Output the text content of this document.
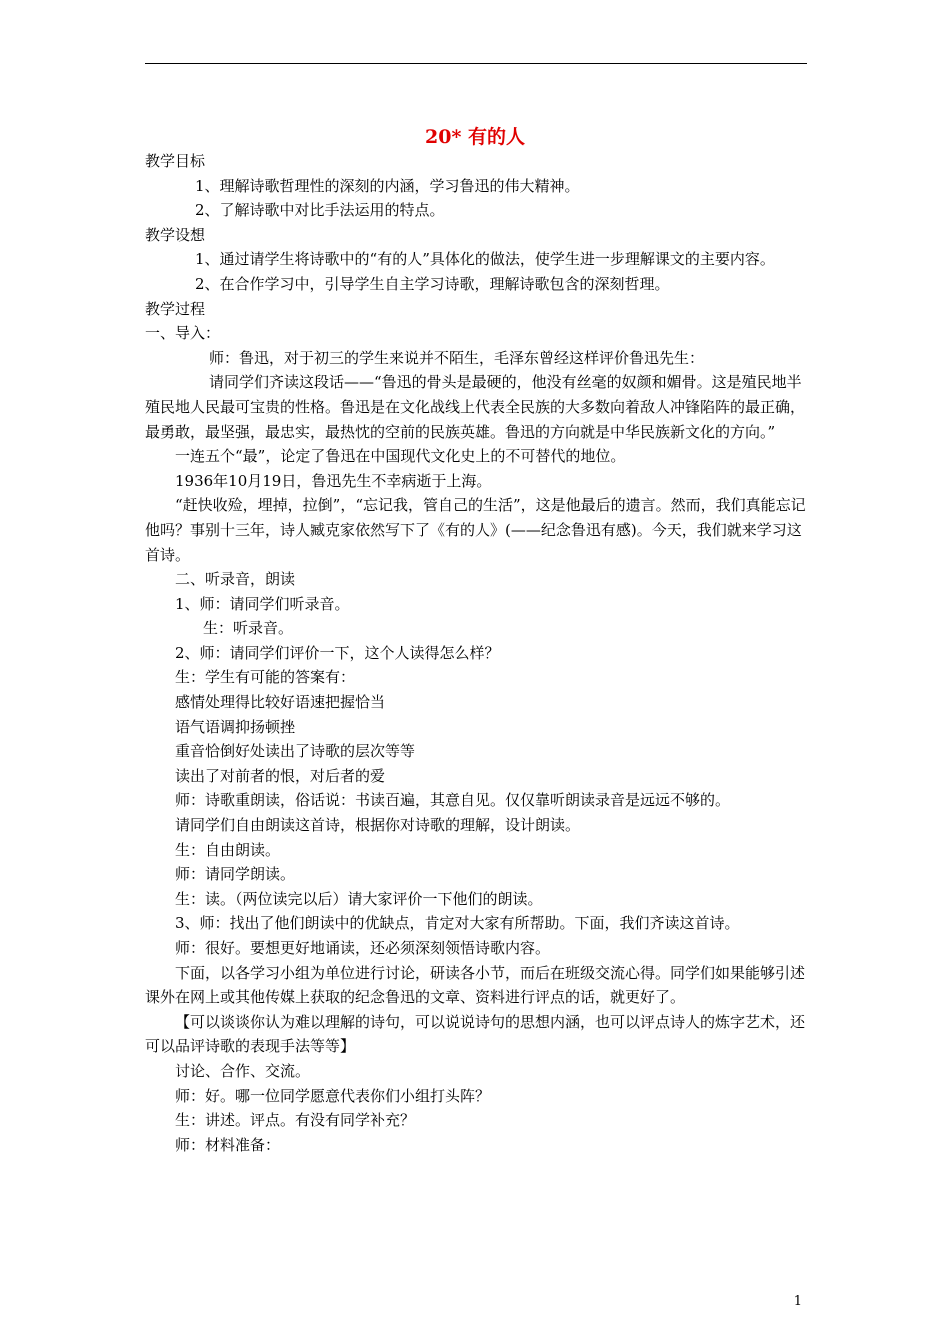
20* 有的人

教学目标

1、理解诗歌哲理性的深刻的内涵，学习鲁迅的伟大精神。

2、了解诗歌中对比手法运用的特点。

教学设想

1、通过请学生将诗歌中的“有的人”具体化的做法，使学生进一步理解课文的主要内容。

2、在合作学习中，引导学生自主学习诗歌，理解诗歌包含的深刻哲理。

教学过程

一、导入：

师：鲁迅，对于初三的学生来说并不陌生，毛泽东曾经这样评价鲁迅先生：

请同学们齐读这段话——“鲁迅的骨头是最硬的，他没有丝毫的奴颜和媚骨。这是殖民地半殖民地人民最可宝贵的性格。鲁迅是在文化战线上代表全民族的大多数向着敌人冲锋陷阵的最正确，最勇敢，最坚强，最忠实，最热忱的空前的民族英雄。鲁迅的方向就是中华民族新文化的方向。”

一连五个“最”，论定了鲁迅在中国现代文化史上的不可替代的地位。

1936年10月19日，鲁迅先生不幸病逝于上海。

“赶快收殓，埋掉，拉倒”，“忘记我，管自己的生活”，这是他最后的遗言。然而，我们真能忘记他吗？事别十三年，诗人臧克家依然写下了《有的人》(——纪念鲁迅有感)。今天，我们就来学习这首诗。

二、听录音，朗读

1、师：请同学们听录音。

生：听录音。

2、师：请同学们评价一下，这个人读得怎么样？

生：学生有可能的答案有：

感情处理得比较好语速把握恰当

语气语调抑扬顿挫

重音恰倒好处读出了诗歌的层次等等

读出了对前者的恨，对后者的爱

师：诗歌重朗读，俗话说：书读百遍，其意自见。仅仅靠听朗读录音是远远不够的。

请同学们自由朗读这首诗，根据你对诗歌的理解，设计朗读。

生：自由朗读。

师：请同学朗读。

生：读。（两位读完以后）请大家评价一下他们的朗读。

3、师：找出了他们朗读中的优缺点，肯定对大家有所帮助。下面，我们齐读这首诗。

师：很好。要想更好地诵读，还必须深刻领悟诗歌内容。

下面，以各学习小组为单位进行讨论，研读各小节，而后在班级交流心得。同学们如果能够引述课外在网上或其他传媒上获取的纪念鲁迅的文章、资料进行评点的话，就更好了。

【可以谈谈你认为难以理解的诗句，可以说说诗句的思想内涵，也可以评点诗人的炼字艺术，还可以品评诗歌的表现手法等等】

讨论、合作、交流。

师：好。哪一位同学愿意代表你们小组打头阵？

生：讲述。评点。有没有同学补充？

师：材料准备：

1
